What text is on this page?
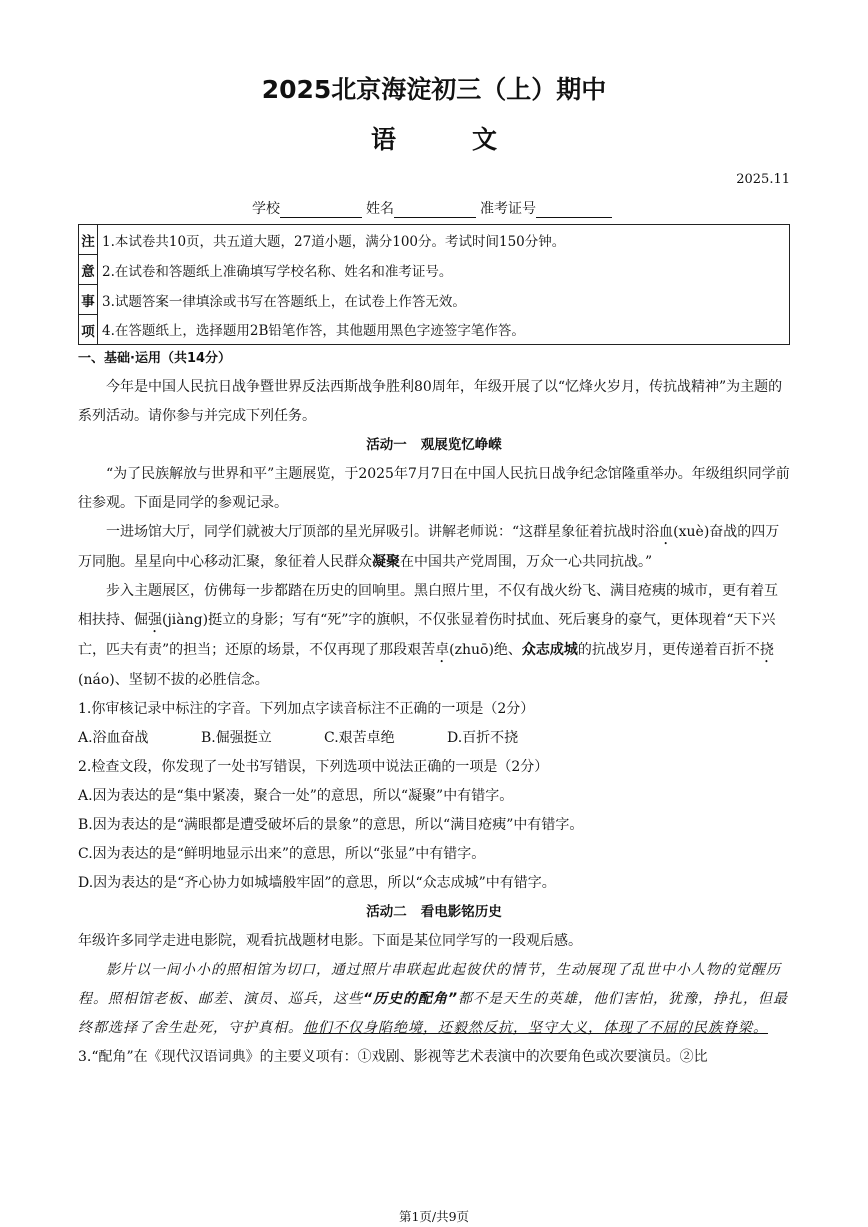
2025北京海淀初三（上）期中
语	文
2025.11
学校	姓名	准考证号
注	1.本试卷共10页，共五道大题，27道小题，满分100分。考试时间150分钟。
意	2.在试卷和答题纸上准确填写学校名称、姓名和准考证号。
事	3.试题答案一律填涂或书写在答题纸上，在试卷上作答无效。
项	4.在答题纸上，选择题用2B铅笔作答，其他题用黑色字迹签字笔作答。

一、基础·运用（共14分）

今年是中国人民抗日战争暨世界反法西斯战争胜利80周年，年级开展了以“忆烽火岁月，传抗战精神”为主题的系列活动。请你参与并完成下列任务。

活动一 观展览忆峥嵘

“为了民族解放与世界和平”主题展览，于2025年7月7日在中国人民抗日战争纪念馆隆重举办。年级组织同学前往参观。下面是同学的参观记录。

一进场馆大厅，同学们就被大厅顶部的星光屏吸引。讲解老师说：“这群星象征着抗战时浴血(xuè)奋战的四万万同胞。星星向中心移动汇聚，象征着人民群众凝聚在中国共产党周围，万众一心共同抗战。”

步入主题展区，仿佛每一步都踏在历史的回响里。黑白照片里，不仅有战火纷飞、满目疮痍的城市，更有着互相扶持、倔强(jiàng)挺立的身影；写有“死”字的旗帜，不仅张显着伤时拭血、死后裹身的豪气，更体现着“天下兴亡，匹夫有责”的担当；还原的场景，不仅再现了那段艰苦卓(zhuō)绝、众志成城的抗战岁月，更传递着百折不挠(náo)、坚韧不拔的必胜信念。

1.你审核记录中标注的字音。下列加点字读音标注不正确的一项是（2分）

A.浴血奋战	B.倔强挺立	C.艰苦卓绝	D.百折不挠

2.检查文段，你发现了一处书写错误，下列选项中说法正确的一项是（2分）

A.因为表达的是“集中紧凑，聚合一处”的意思，所以“凝聚”中有错字。

B.因为表达的是“满眼都是遭受破坏后的景象”的意思，所以“满目疮痍”中有错字。

C.因为表达的是“鲜明地显示出来”的意思，所以“张显”中有错字。

D.因为表达的是“齐心协力如城墙般牢固”的意思，所以“众志成城”中有错字。

活动二 看电影铭历史

年级许多同学走进电影院，观看抗战题材电影。下面是某位同学写的一段观后感。

影片以一间小小的照相馆为切口，通过照片串联起此起彼伏的情节，生动展现了乱世中小人物的觉醒历程。照相馆老板、邮差、演员、巡兵，这些“历史的配角”都不是天生的英雄，他们害怕，犹豫，挣扎，但最终都选择了舍生赴死，守护真相。他们不仅身陷绝境，还毅然反抗，坚守大义，体现了不屈的民族脊梁。

3.“配角”在《现代汉语词典》的主要义项有：①戏剧、影视等艺术表演中的次要角色或次要演员。②比

第1页/共9页
